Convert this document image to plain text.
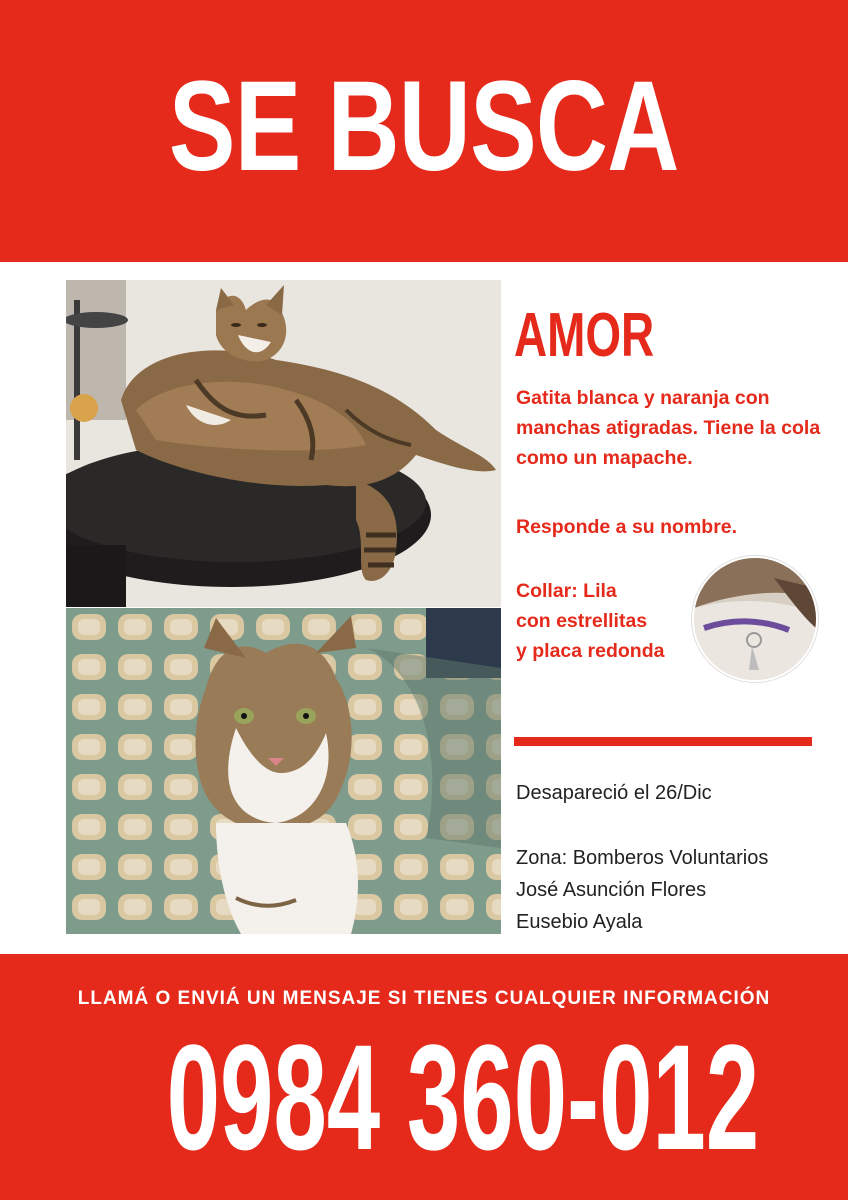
SE BUSCA
AMOR

Gatita blanca y naranja con manchas atigradas. Tiene la cola como un mapache.

Responde a su nombre.

Collar: Lila
con estrellitas
y placa redonda

Desapareció el 26/Dic

Zona: Bomberos Voluntarios
José Asunción Flores
Eusebio Ayala

LLAMÁ O ENVIÁ UN MENSAJE SI TIENES CUALQUIER INFORMACIÓN
0984 360-012
